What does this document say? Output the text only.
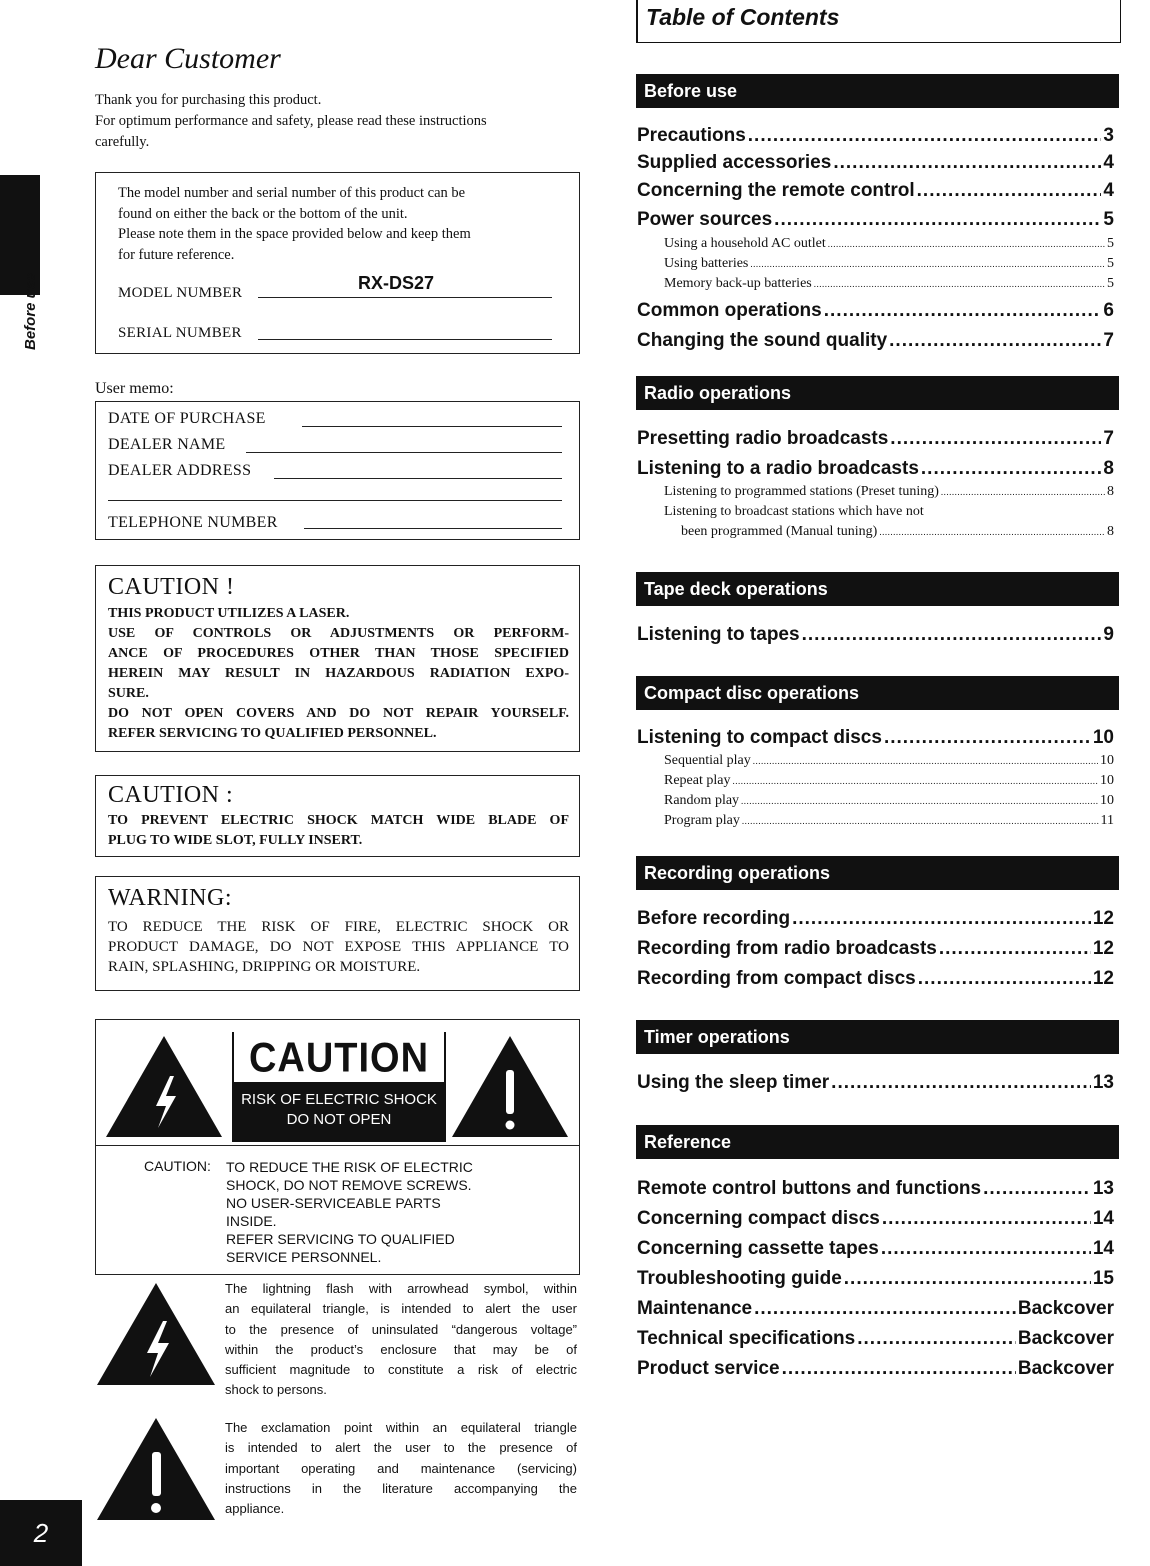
Before use
2
Dear Customer
Thank you for purchasing this product.
For optimum performance and safety, please read these instructions
carefully.
The model number and serial number of this product can be
found on either the back or the bottom of the unit.
Please note them in the space provided below and keep them
for future reference.
MODEL NUMBER	RX-DS27
SERIAL NUMBER
User memo:
DATE OF PURCHASE
DEALER NAME
DEALER ADDRESS
TELEPHONE NUMBER
CAUTION !
THIS PRODUCT UTILIZES A LASER.
USE OF CONTROLS OR ADJUSTMENTS OR PERFORM-
ANCE OF PROCEDURES OTHER THAN THOSE SPECIFIED
HEREIN MAY RESULT IN HAZARDOUS RADIATION EXPO-
SURE.
DO NOT OPEN COVERS AND DO NOT REPAIR YOURSELF.
REFER SERVICING TO QUALIFIED PERSONNEL.
CAUTION :
TO PREVENT ELECTRIC SHOCK MATCH WIDE BLADE OF
PLUG TO WIDE SLOT, FULLY INSERT.
WARNING:
TO REDUCE THE RISK OF FIRE, ELECTRIC SHOCK OR
PRODUCT DAMAGE, DO NOT EXPOSE THIS APPLIANCE TO
RAIN, SPLASHING, DRIPPING OR MOISTURE.
CAUTION
RISK OF ELECTRIC SHOCK
DO NOT OPEN
CAUTION: TO REDUCE THE RISK OF ELECTRIC
SHOCK, DO NOT REMOVE SCREWS.
NO USER-SERVICEABLE PARTS
INSIDE.
REFER SERVICING TO QUALIFIED
SERVICE PERSONNEL.
The lightning flash with arrowhead symbol, within
an equilateral triangle, is intended to alert the user
to the presence of uninsulated “dangerous voltage”
within the product’s enclosure that may be of
sufficient magnitude to constitute a risk of electric
shock to persons.
The exclamation point within an equilateral triangle
is intended to alert the user to the presence of
important operating and maintenance (servicing)
instructions in the literature accompanying the
appliance.
Table of Contents
Before use
Precautions .....	3
Supplied accessories .....	4
Concerning the remote control .....	4
Power sources .....	5
Using a household AC outlet .....	5
Using batteries .....	5
Memory back-up batteries .....	5
Common operations .....	6
Changing the sound quality .....	7
Radio operations
Presetting radio broadcasts .....	7
Listening to a radio broadcasts .....	8
Listening to programmed stations (Preset tuning) .....	8
Listening to broadcast stations which have not
been programmed (Manual tuning) .....	8
Tape deck operations
Listening to tapes .....	9
Compact disc operations
Listening to compact discs .....	10
Sequential play .....	10
Repeat play .....	10
Random play .....	10
Program play .....	11
Recording operations
Before recording .....	12
Recording from radio broadcasts .....	12
Recording from compact discs .....	12
Timer operations
Using the sleep timer .....	13
Reference
Remote control buttons and functions .....	13
Concerning compact discs .....	14
Concerning cassette tapes .....	14
Troubleshooting guide .....	15
Maintenance .....	Backcover
Technical specifications .....	Backcover
Product service .....	Backcover
